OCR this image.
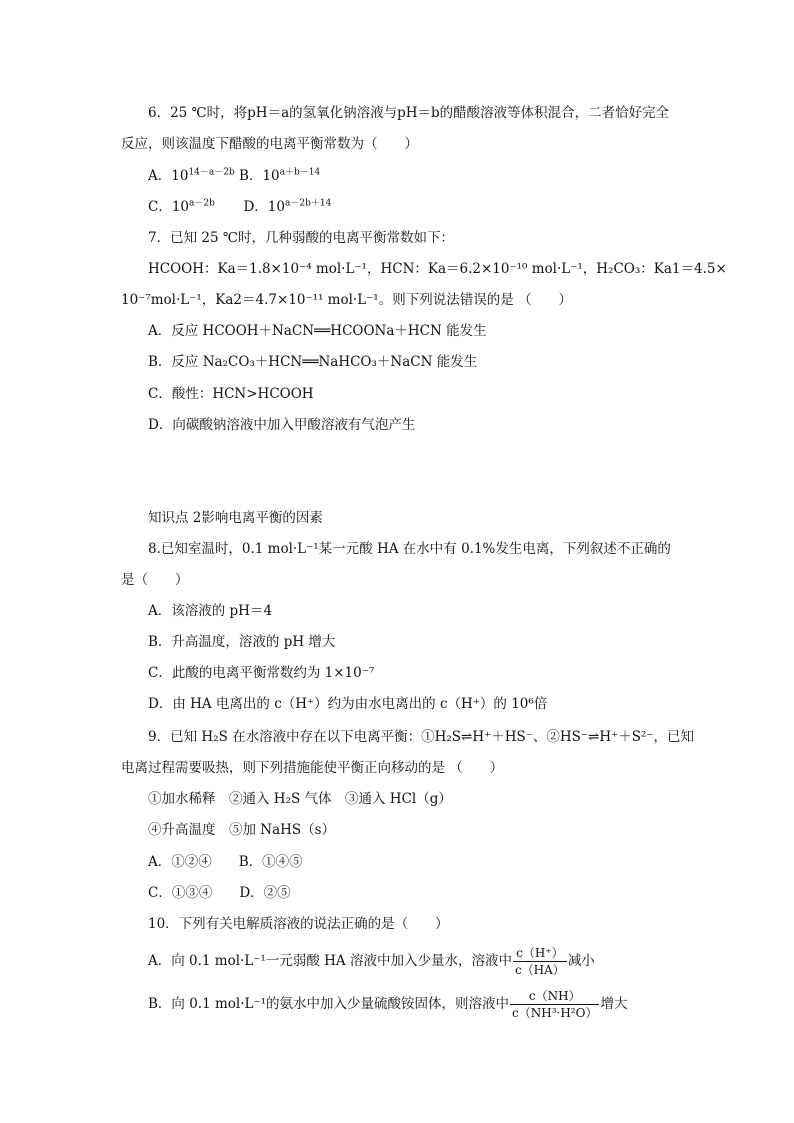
6．25 ℃时，将pH＝a的氢氧化钠溶液与pH＝b的醋酸溶液等体积混合，二者恰好完全
反应，则该温度下醋酸的电离平衡常数为（　　）
A．$10^{14-a-2b}$ B．$10^{a+b-14}$
C．$10^{a-2b}$ D．$10^{a-2b+14}$
7．已知 25 ℃时，几种弱酸的电离平衡常数如下：
HCOOH：Ka＝1.8×10⁻⁴ mol·L⁻¹，HCN：Ka＝6.2×10⁻¹⁰ mol·L⁻¹，H₂CO₃：Ka1＝4.5×
10⁻⁷mol·L⁻¹，Ka2＝4.7×10⁻¹¹ mol·L⁻¹。则下列说法错误的是 （　　）
A．反应 HCOOH＋NaCN══HCOONa＋HCN 能发生
B．反应 Na₂CO₃＋HCN══NaHCO₃＋NaCN 能发生
C．酸性：HCN>HCOOH
D．向碳酸钠溶液中加入甲酸溶液有气泡产生
知识点 2影响电离平衡的因素
8.已知室温时，0.1 mol·L⁻¹某一元酸 HA 在水中有 0.1%发生电离，下列叙述不正确的
是（　　）
A．该溶液的 pH＝4
B．升高温度，溶液的 pH 增大
C．此酸的电离平衡常数约为 1×10⁻⁷
D．由 HA 电离出的 c（H⁺）约为由水电离出的 c（H⁺）的 10⁶倍
9．已知 H₂S 在水溶液中存在以下电离平衡：①H₂S⇌H⁺＋HS⁻、②HS⁻⇌H⁺＋S²⁻，已知
电离过程需要吸热，则下列措施能使平衡正向移动的是 （　　）
①加水稀释　②通入 H₂S 气体　③通入 HCl（g）
④升高温度　⑤加 NaHS（s）
A．①②④　　B．①④⑤
C．①③④　　D．②⑤
10．下列有关电解质溶液的说法正确的是（　　）
A．向 0.1 mol·L⁻¹一元弱酸 HA 溶液中加入少量水，溶液中 $\frac{c(H^+)}{c(HA)}$ 减小
B．向 0.1 mol·L⁻¹的氨水中加入少量硫酸铵固体，则溶液中 $\frac{c(NH)}{\text{c（NH³·H²O）}}$ 增大
